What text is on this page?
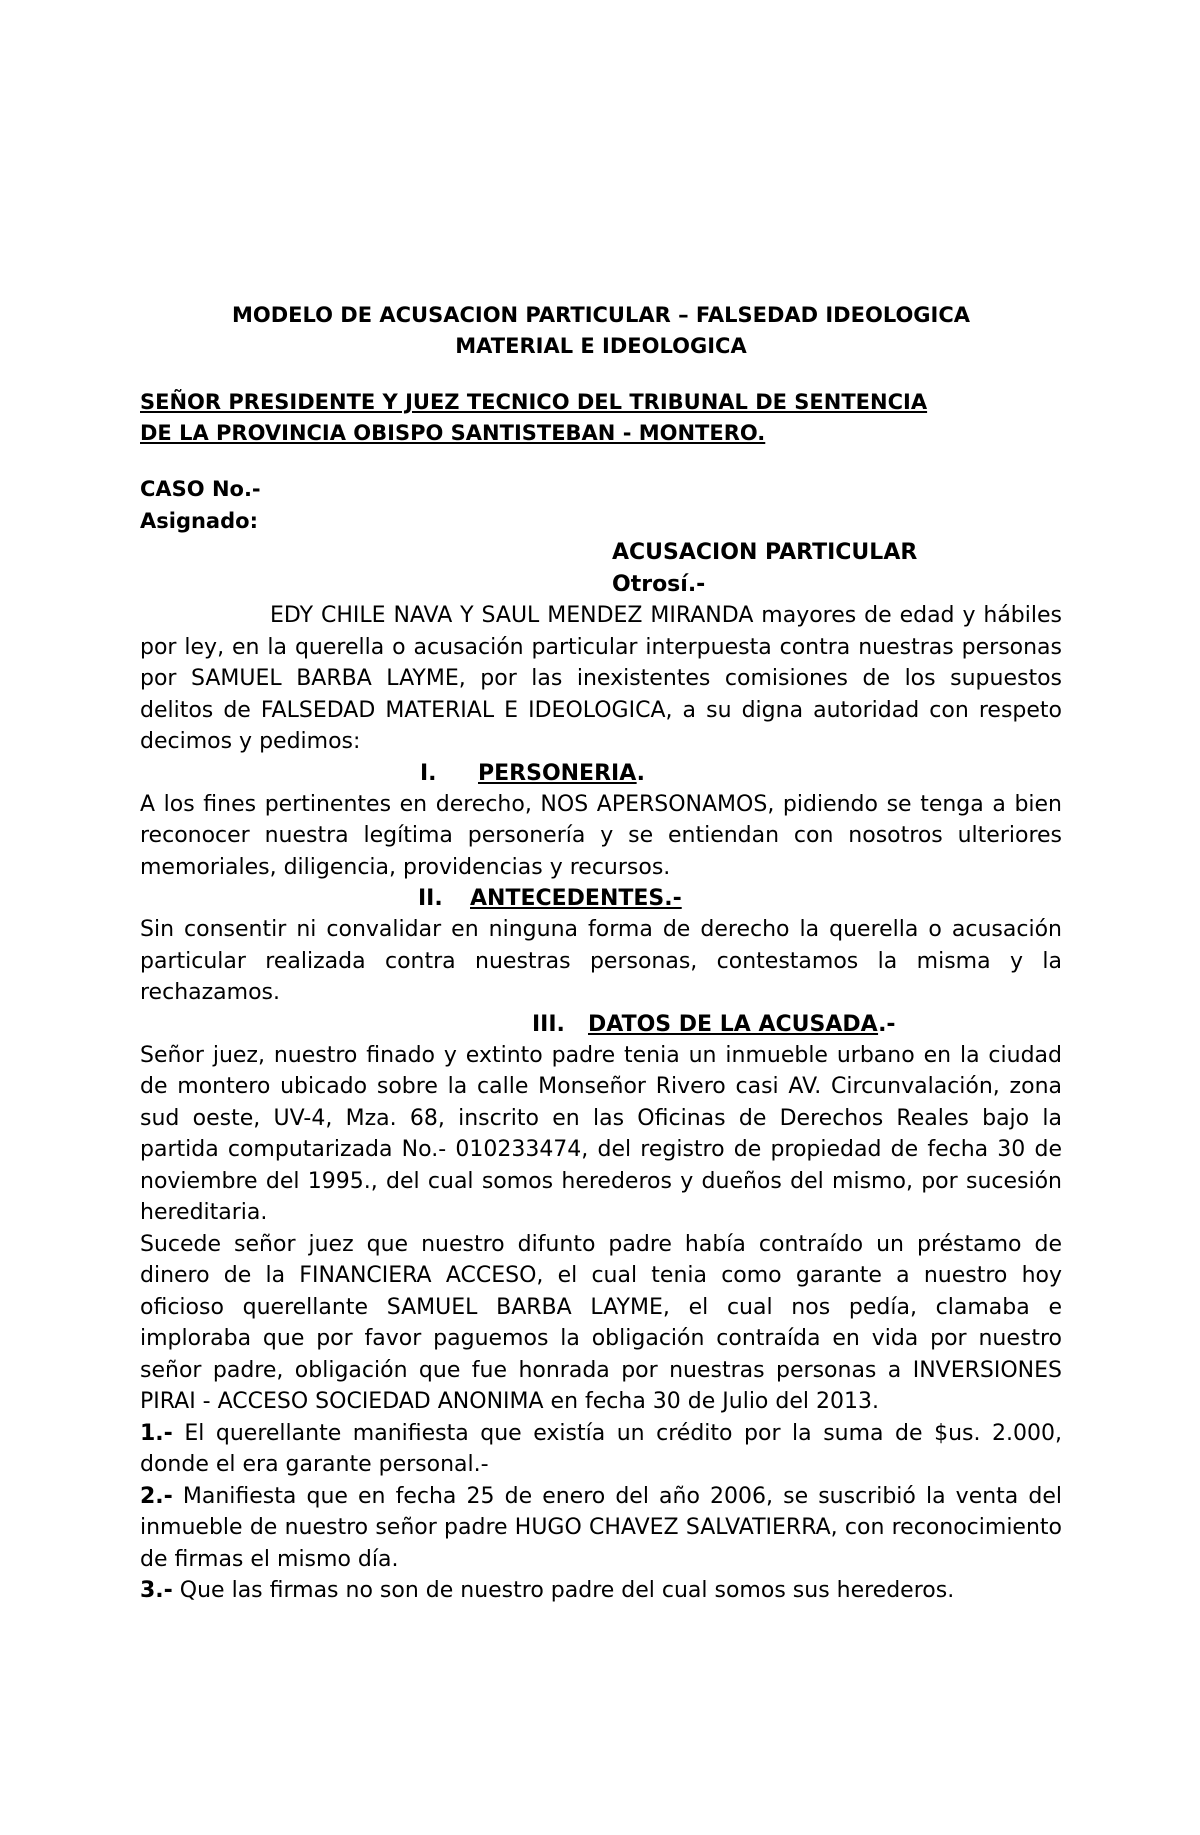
MODELO DE ACUSACION PARTICULAR – FALSEDAD IDEOLOGICA
MATERIAL E IDEOLOGICA
SEÑOR PRESIDENTE Y JUEZ TECNICO DEL TRIBUNAL DE SENTENCIA
DE LA PROVINCIA OBISPO SANTISTEBAN - MONTERO.
CASO No.-
Asignado:
ACUSACION PARTICULAR
Otrosí.-

EDY CHILE NAVA Y SAUL MENDEZ MIRANDA mayores de edad y hábiles por ley, en la querella o acusación particular interpuesta contra nuestras personas por SAMUEL BARBA LAYME, por las inexistentes comisiones de los supuestos delitos de FALSEDAD MATERIAL E IDEOLOGICA, a su digna autoridad con respeto decimos y pedimos:

I. PERSONERIA.

A los fines pertinentes en derecho, NOS APERSONAMOS, pidiendo se tenga a bien reconocer nuestra legítima personería y se entiendan con nosotros ulteriores memoriales, diligencia, providencias y recursos.

II. ANTECEDENTES.-

Sin consentir ni convalidar en ninguna forma de derecho la querella o acusación particular realizada contra nuestras personas, contestamos la misma y la rechazamos.

III. DATOS DE LA ACUSADA.-

Señor juez, nuestro finado y extinto padre tenia un inmueble urbano en la ciudad de montero ubicado sobre la calle Monseñor Rivero casi AV. Circunvalación, zona sud oeste, UV-4, Mza. 68, inscrito en las Oficinas de Derechos Reales bajo la partida computarizada No.- 010233474, del registro de propiedad de fecha 30 de noviembre del 1995., del cual somos herederos y dueños del mismo, por sucesión hereditaria.

Sucede señor juez que nuestro difunto padre había contraído un préstamo de dinero de la FINANCIERA ACCESO, el cual tenia como garante a nuestro hoy oficioso querellante SAMUEL BARBA LAYME, el cual nos pedía, clamaba e imploraba que por favor paguemos la obligación contraída en vida por nuestro señor padre, obligación que fue honrada por nuestras personas a INVERSIONES PIRAI - ACCESO SOCIEDAD ANONIMA en fecha 30 de Julio del 2013.

1.- El querellante manifiesta que existía un crédito por la suma de $us. 2.000, donde el era garante personal.-

2.- Manifiesta que en fecha 25 de enero del año 2006, se suscribió la venta del inmueble de nuestro señor padre HUGO CHAVEZ SALVATIERRA, con reconocimiento de firmas el mismo día.

3.- Que las firmas no son de nuestro padre del cual somos sus herederos.
